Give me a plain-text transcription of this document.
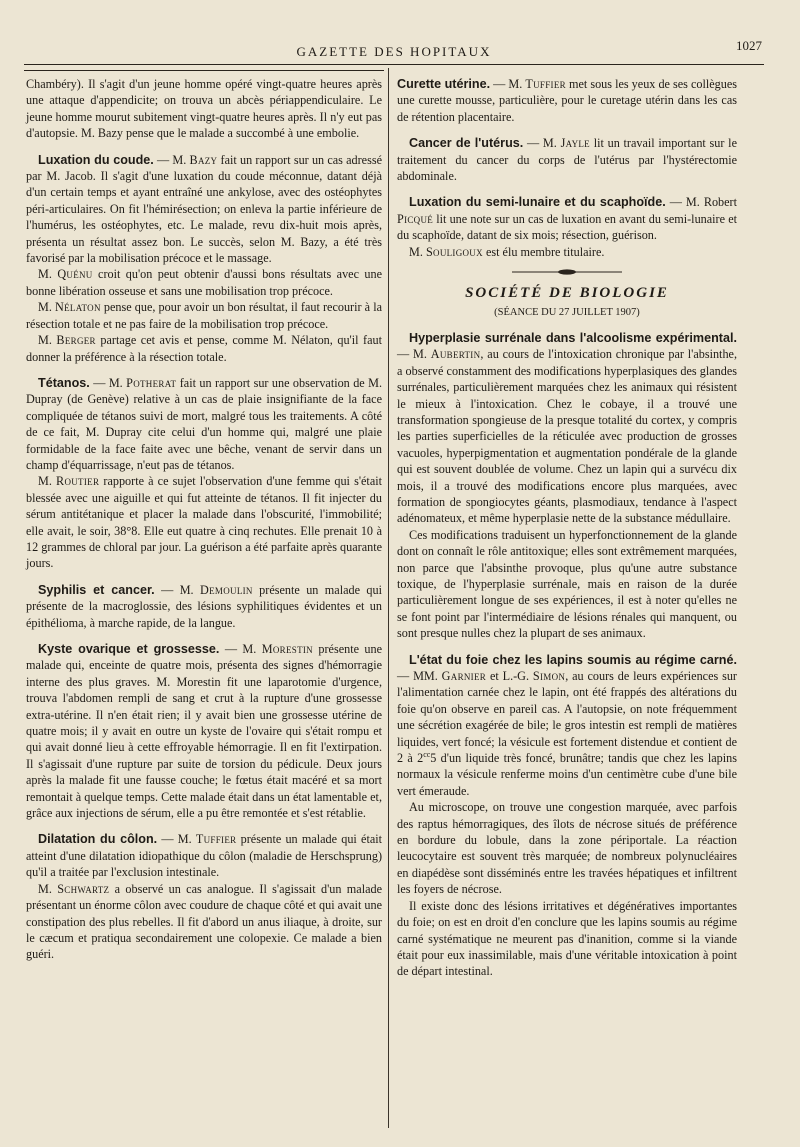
GAZETTE DES HOPITAUX	1027

Chambéry). Il s'agit d'un jeune homme opéré vingt-quatre heures après une attaque d'appendicite; on trouva un abcès périappendiculaire. Le jeune homme mourut subitement vingt-quatre heures après. Il n'y eut pas d'autopsie. M. Bazy pense que le malade a succombé à une embolie.

Luxation du coude. — M. Bazy fait un rapport sur un cas adressé par M. Jacob. Il s'agit d'une luxation du coude méconnue, datant déjà d'un certain temps et ayant entraîné une ankylose, avec des ostéophytes péri-articulaires. On fit l'hémirésection; on enleva la partie inférieure de l'humérus, les ostéophytes, etc. Le malade, revu dix-huit mois après, présenta un résultat assez bon. Le succès, selon M. Bazy, a été très favorisé par la mobilisation précoce et le massage.

M. Quénu croit qu'on peut obtenir d'aussi bons résultats avec une bonne libération osseuse et sans une mobilisation trop précoce.

M. Nélaton pense que, pour avoir un bon résultat, il faut recourir à la résection totale et ne pas faire de la mobilisation trop précoce.

M. Berger partage cet avis et pense, comme M. Nélaton, qu'il faut donner la préférence à la résection totale.

Tétanos. — M. Potherat fait un rapport sur une observation de M. Dupray (de Genève) relative à un cas de plaie insignifiante de la face compliquée de tétanos suivi de mort, malgré tous les traitements. A côté de ce fait, M. Dupray cite celui d'un homme qui, malgré une plaie formidable de la face faite avec une bêche, venant de servir dans un champ d'équarrissage, n'eut pas de tétanos.

M. Routier rapporte à ce sujet l'observation d'une femme qui s'était blessée avec une aiguille et qui fut atteinte de tétanos. Il fit injecter du sérum antitétanique et placer la malade dans l'obscurité, l'immobilité; elle avait, le soir, 38°8. Elle eut quatre à cinq rechutes. Elle prenait 10 à 12 grammes de chloral par jour. La guérison a été parfaite après quarante jours.

Syphilis et cancer. — M. Demoulin présente un malade qui présente de la macroglossie, des lésions syphilitiques évidentes et un épithélioma, à marche rapide, de la langue.

Kyste ovarique et grossesse. — M. Morestin présente une malade qui, enceinte de quatre mois, présenta des signes d'hémorragie interne des plus graves. M. Morestin fit une laparotomie d'urgence, trouva l'abdomen rempli de sang et crut à la rupture d'une grossesse extra-utérine. Il n'en était rien; il y avait bien une grossesse utérine de quatre mois; il y avait en outre un kyste de l'ovaire qui s'était rompu et qui avait donné lieu à cette effroyable hémorragie. Il en fit l'extirpation. Il s'agissait d'une rupture par suite de torsion du pédicule. Deux jours après la malade fit une fausse couche; le fœtus était macéré et sa mort remontait à quelque temps. Cette malade était dans un état lamentable et, grâce aux injections de sérum, elle a pu être remontée et s'est rétablie.

Dilatation du côlon. — M. Tuffier présente un malade qui était atteint d'une dilatation idiopathique du côlon (maladie de Herschsprung) qu'il a traitée par l'exclusion intestinale.

M. Schwartz a observé un cas analogue. Il s'agissait d'un malade présentant un énorme côlon avec coudure de chaque côté et qui avait une constipation des plus rebelles. Il fit d'abord un anus iliaque, à droite, sur le cæcum et pratiqua secondairement une colopexie. Ce malade a bien guéri.

Curette utérine. — M. Tuffier met sous les yeux de ses collègues une curette mousse, particulière, pour le curetage utérin dans les cas de rétention placentaire.

Cancer de l'utérus. — M. Jayle lit un travail important sur le traitement du cancer du corps de l'utérus par l'hystérectomie abdominale.

Luxation du semi-lunaire et du scaphoïde. — M. Robert Picqué lit une note sur un cas de luxation en avant du semi-lunaire et du scaphoïde, datant de six mois; résection, guérison.

M. Souligoux est élu membre titulaire.

SOCIÉTÉ DE BIOLOGIE
(SÉANCE DU 27 JUILLET 1907)

Hyperplasie surrénale dans l'alcoolisme expérimental. — M. Aubertin, au cours de l'intoxication chronique par l'absinthe, a observé constamment des modifications hyperplasiques des glandes surrénales, particulièrement marquées chez les animaux qui résistent le mieux à l'intoxication. Chez le cobaye, il a trouvé une transformation spongieuse de la presque totalité du cortex, y compris les parties superficielles de la réticulée avec production de grosses vacuoles, hyperpigmentation et augmentation pondérale de la glande qui est souvent doublée de volume. Chez un lapin qui a survécu dix mois, il a trouvé des modifications encore plus marquées, avec formation de spongiocytes géants, plasmodiaux, tendance à l'aspect adénomateux, et même hyperplasie nette de la substance médullaire.

Ces modifications traduisent un hyperfonctionnement de la glande dont on connaît le rôle antitoxique; elles sont extrêmement marquées, non parce que l'absinthe provoque, plus qu'une autre substance toxique, de l'hyperplasie surrénale, mais en raison de la durée particulièrement longue de ses expériences, il est à noter qu'elles ne se font point par l'intermédiaire de lésions rénales qui manquent, ou sont presque nulles chez la plupart de ses animaux.

L'état du foie chez les lapins soumis au régime carné. — MM. Garnier et L.-G. Simon, au cours de leurs expériences sur l'alimentation carnée chez le lapin, ont été frappés des altérations du foie qu'on observe en pareil cas. A l'autopsie, on note fréquemment une sécrétion exagérée de bile; le gros intestin est rempli de matières liquides, vert foncé; la vésicule est fortement distendue et contient de 2 à $2^{cc}5$ d'un liquide très foncé, brunâtre; tandis que chez les lapins normaux la vésicule renferme moins d'un centimètre cube d'une bile vert émeraude.

Au microscope, on trouve une congestion marquée, avec parfois des raptus hémorragiques, des îlots de nécrose situés de préférence en bordure du lobule, dans la zone périportale. La réaction leucocytaire est souvent très marquée; de nombreux polynucléaires en diapédèse sont disséminés entre les travées hépatiques et infiltrent les foyers de nécrose.

Il existe donc des lésions irritatives et dégénératives importantes du foie; on est en droit d'en conclure que les lapins soumis au régime carné systématique ne meurent pas d'inanition, comme si la viande était pour eux inassimilable, mais d'une véritable intoxication à point de départ intestinal.
